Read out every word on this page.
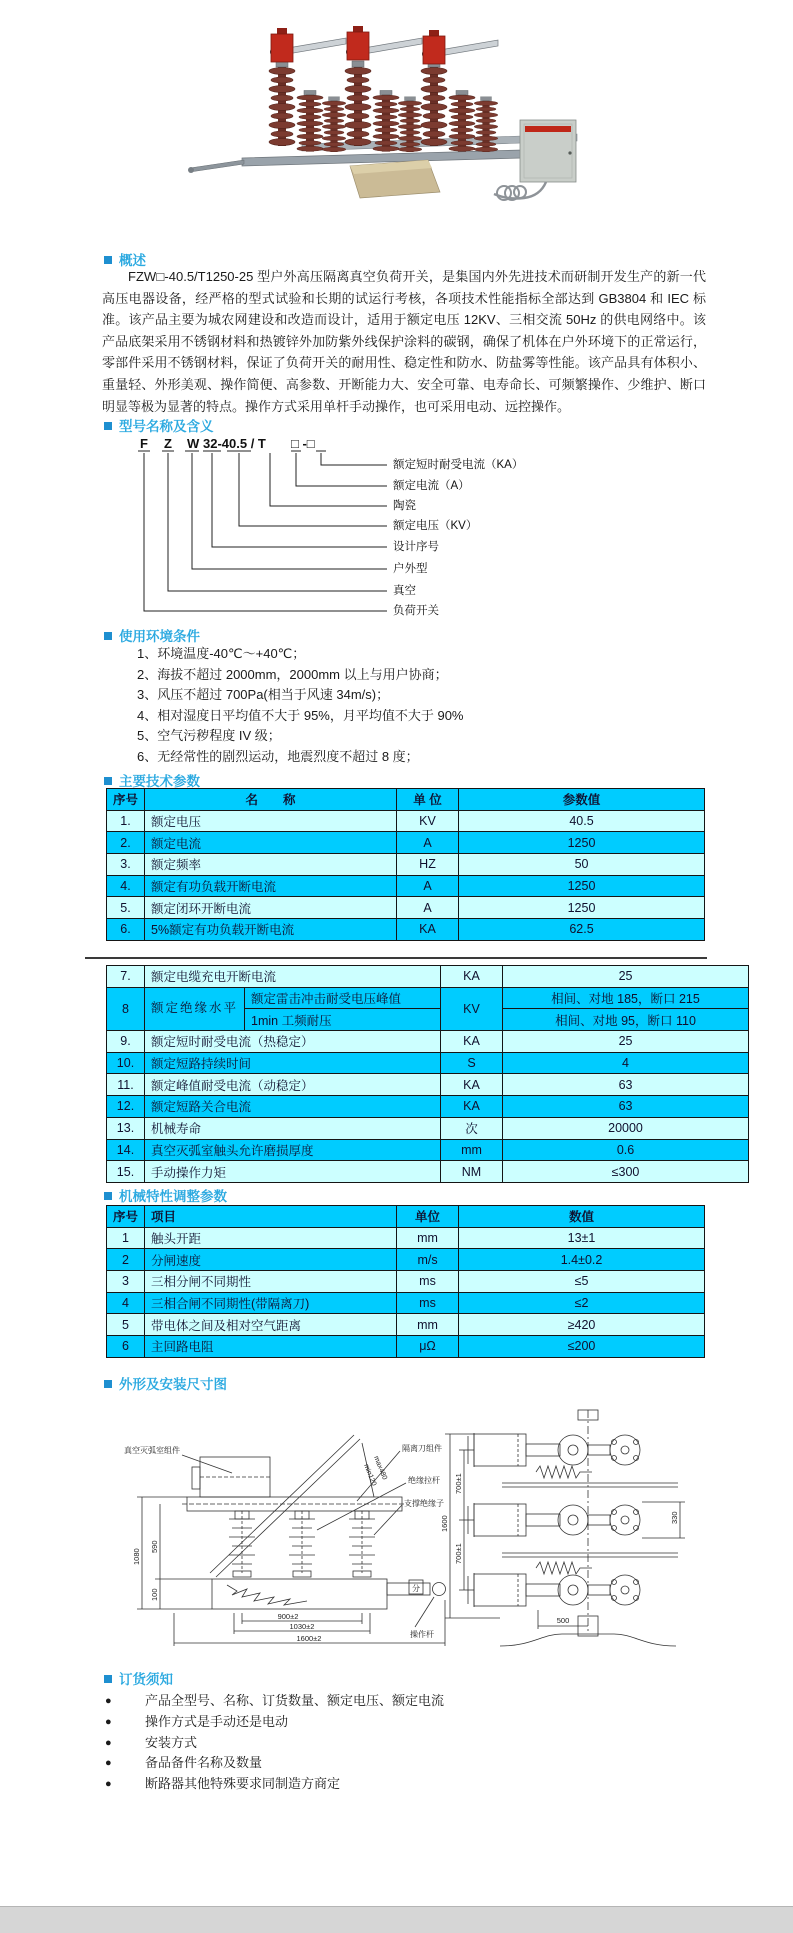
概述
FZW□-40.5/T1250-25 型户外高压隔离真空负荷开关，是集国内外先进技术而研制开发生产的新一代高压电器设备，经严格的型式试验和长期的试运行考核，各项技术性能指标全部达到 GB3804 和 IEC 标准。该产品主要为城农网建设和改造而设计，适用于额定电压 12KV、三相交流 50Hz 的供电网络中。该产品底架采用不锈钢材料和热镀锌外加防紫外线保护涂料的碳钢，确保了机体在户外环境下的正常运行，零部件采用不锈钢材料，保证了负荷开关的耐用性、稳定性和防水、防盐雾等性能。该产品具有体积小、重量轻、外形美观、操作简便、高参数、开断能力大、安全可靠、电寿命长、可频繁操作、少维护、断口明显等极为显著的特点。操作方式采用单杆手动操作，也可采用电动、远控操作。
型号名称及含义
F Z W 32-40.5 / T □ -□
额定短时耐受电流（KA）
额定电流（A）
陶瓷
额定电压（KV）
设计序号
户外型
真空
负荷开关
使用环境条件
1、环境温度-40℃～+40℃；
2、海拔不超过 2000mm，2000mm 以上与用户协商；
3、风压不超过 700Pa(相当于风速 34m/s)；
4、相对湿度日平均值不大于 95%，月平均值不大于 90%
5、空气污秽程度 IV 级；
6、无经常性的剧烈运动，地震烈度不超过 8 度；
主要技术参数
序号	名　　称	单 位	参数值
1.	额定电压	KV	40.5
2.	额定电流	A	1250
3.	额定频率	HZ	50
4.	额定有功负载开断电流	A	1250
5.	额定闭环开断电流	A	1250
6.	5%额定有功负载开断电流	KA	62.5
7.	额定电缆充电开断电流		KA	25
8	额定绝缘水平	额定雷击冲击耐受电压峰值	KV	相间、对地 185，断口 215
		1min 工频耐压		相间、对地 95，断口 110
9.	额定短时耐受电流（热稳定）		KA	25
10.	额定短路持续时间		S	4
11.	额定峰值耐受电流（动稳定）		KA	63
12.	额定短路关合电流		KA	63
13.	机械寿命		次	20000
14.	真空灭弧室触头允许磨损厚度		mm	0.6
15.	手动操作力矩		NM	≤300
机械特性调整参数
序号	项目	单位	数值
1	触头开距	mm	13±1
2	分闸速度	m/s	1.4±0.2
3	三相分闸不同期性	ms	≤5
4	三相合闸不同期性(带隔离刀)	ms	≤2
5	带电体之间及相对空气距离	mm	≥420
6	主回路电阻	μΩ	≤200
外形及安装尺寸图
真空灭弧室组件	隔离刀组件
绝缘拉杆
支撑绝缘子
操作杆
分
max480
min120
1080
590
100
900±2
1030±2
1600±2
1600
700±1
700±1
330
500
订货须知
●	产品全型号、名称、订货数量、额定电压、额定电流
●	操作方式是手动还是电动
●	安装方式
●	备品备件名称及数量
●	断路器其他特殊要求同制造方商定
